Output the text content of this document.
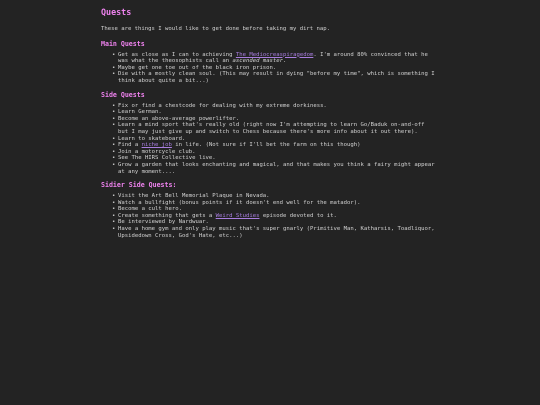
Quests

These are things I would like to get done before taking my dirt nap.

Main Quests
• Get as close as I can to achieving The Mediocreaspiragedom. I'm around 80% convinced that he was what the theosophists call an ascended master.
• Maybe get one toe out of the black iron prison.
• Die with a mostly clean soul. (This may result in dying "before my time", which is something I think about quite a bit...)
Side Quests
• Fix or find a chestcode for dealing with my extreme dorkiness.
• Learn German.
• Become an above-average powerlifter.
• Learn a mind sport that's really old (right now I'm attempting to learn Go/Baduk on-and-off but I may just give up and switch to Chess because there's more info about it out there).
• Learn to skateboard.
• Find a niche job in life. (Not sure if I'll bet the farm on this though)
• Join a motorcycle club.
• See The HIRS Collective live.
• Grow a garden that looks enchanting and magical, and that makes you think a fairy might appear at any moment....
Sidier Side Quests:
• Visit the Art Bell Memorial Plaque in Nevada.
• Watch a bullfight (bonus points if it doesn't end well for the matador).
• Become a cult hero.
• Create something that gets a Weird Studies episode devoted to it.
• Be interviewed by Nardwuar.
• Have a home gym and only play music that's super gnarly (Primitive Man, Katharsis, Toadliquor, Upsidedown Cross, God's Hate, etc...)
